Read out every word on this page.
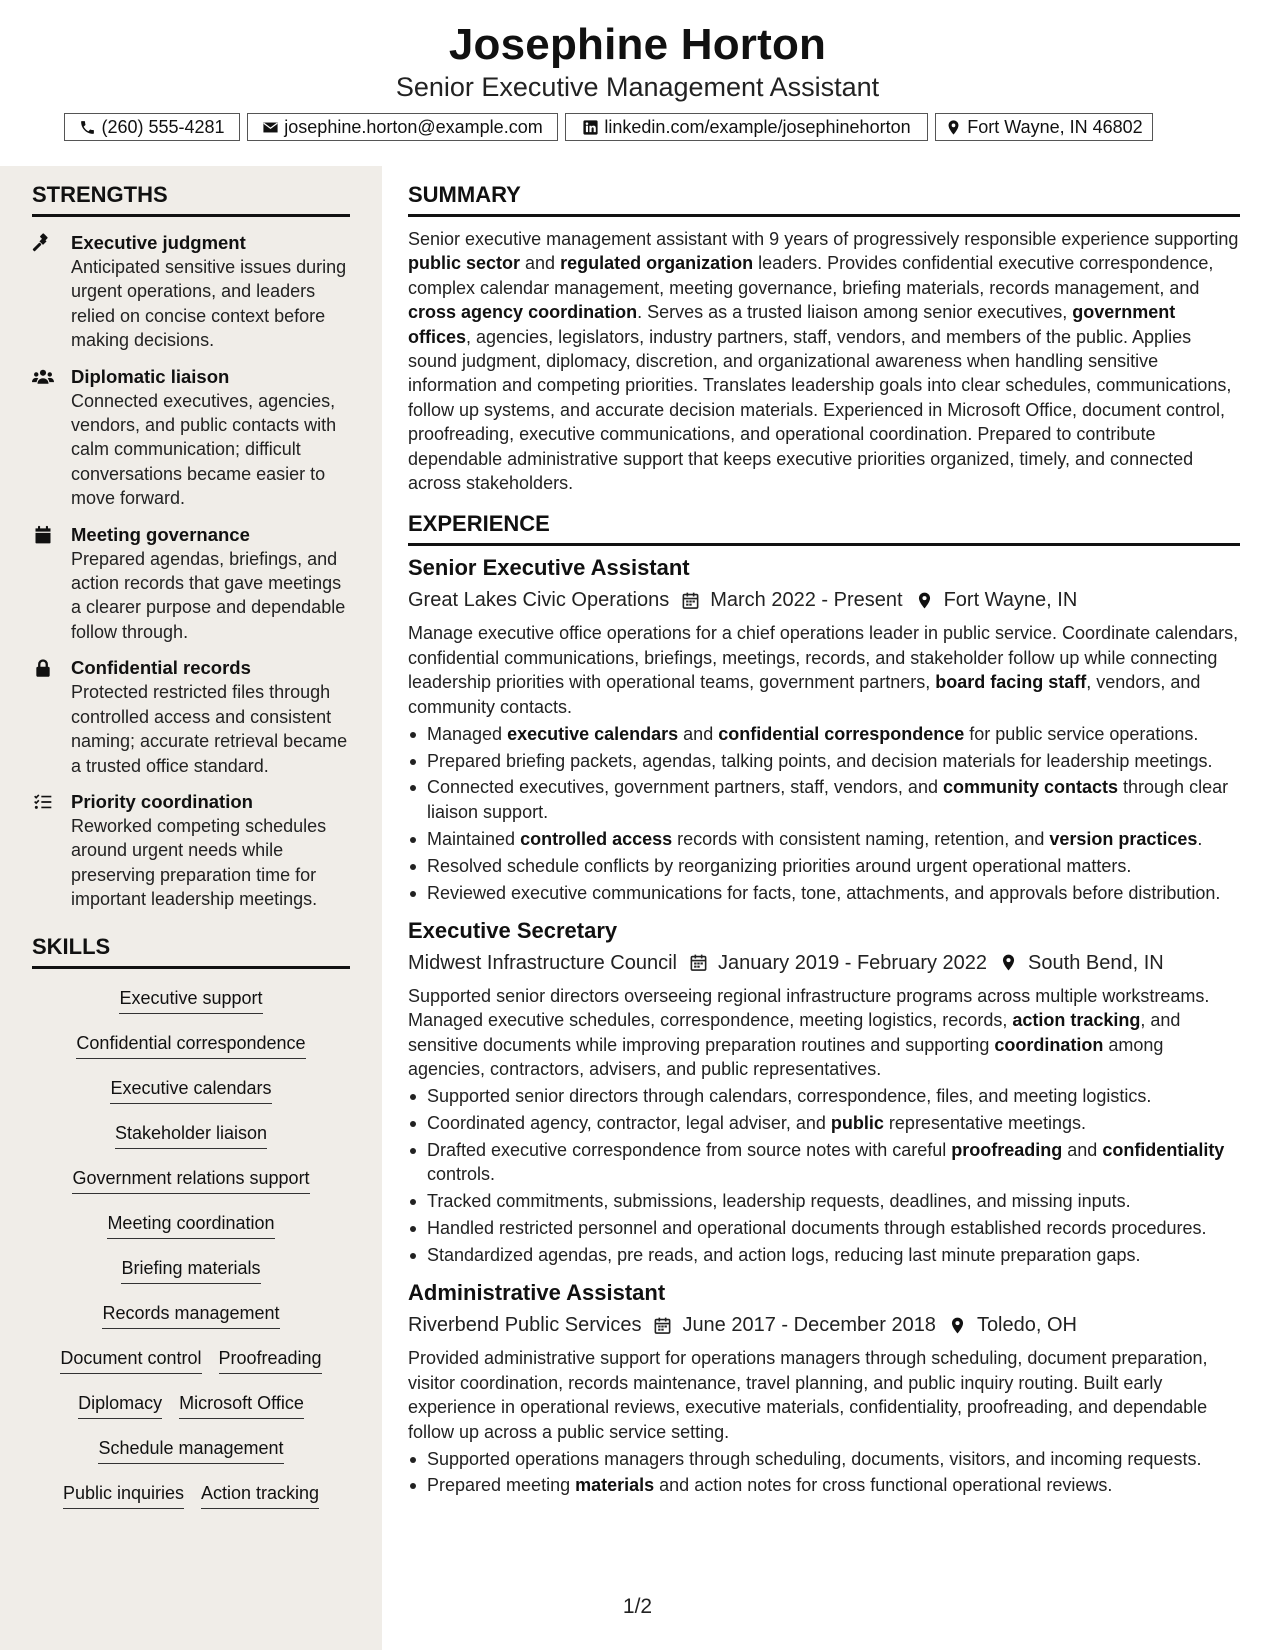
Josephine Horton
Senior Executive Management Assistant
(260) 555-4281	josephine.horton@example.com	linkedin.com/example/josephinehorton	Fort Wayne, IN 46802
STRENGTHS
Executive judgment
Anticipated sensitive issues during urgent operations, and leaders relied on concise context before making decisions.
Diplomatic liaison
Connected executives, agencies, vendors, and public contacts with calm communication; difficult conversations became easier to move forward.
Meeting governance
Prepared agendas, briefings, and action records that gave meetings a clearer purpose and dependable follow through.
Confidential records
Protected restricted files through controlled access and consistent naming; accurate retrieval became a trusted office standard.
Priority coordination
Reworked competing schedules around urgent needs while preserving preparation time for important leadership meetings.
SKILLS
Executive support
Confidential correspondence
Executive calendars
Stakeholder liaison
Government relations support
Meeting coordination
Briefing materials
Records management
Document control Proofreading
Diplomacy Microsoft Office
Schedule management
Public inquiries Action tracking
SUMMARY
Senior executive management assistant with 9 years of progressively responsible experience supporting public sector and regulated organization leaders. Provides confidential executive correspondence, complex calendar management, meeting governance, briefing materials, records management, and cross agency coordination. Serves as a trusted liaison among senior executives, government offices, agencies, legislators, industry partners, staff, vendors, and members of the public. Applies sound judgment, diplomacy, discretion, and organizational awareness when handling sensitive information and competing priorities. Translates leadership goals into clear schedules, communications, follow up systems, and accurate decision materials. Experienced in Microsoft Office, document control, proofreading, executive communications, and operational coordination. Prepared to contribute dependable administrative support that keeps executive priorities organized, timely, and connected across stakeholders.
EXPERIENCE
Senior Executive Assistant
Great Lakes Civic Operations March 2022 - Present Fort Wayne, IN
Manage executive office operations for a chief operations leader in public service. Coordinate calendars, confidential communications, briefings, meetings, records, and stakeholder follow up while connecting leadership priorities with operational teams, government partners, board facing staff, vendors, and community contacts.
Managed executive calendars and confidential correspondence for public service operations.
Prepared briefing packets, agendas, talking points, and decision materials for leadership meetings.
Connected executives, government partners, staff, vendors, and community contacts through clear liaison support.
Maintained controlled access records with consistent naming, retention, and version practices.
Resolved schedule conflicts by reorganizing priorities around urgent operational matters.
Reviewed executive communications for facts, tone, attachments, and approvals before distribution.
Executive Secretary
Midwest Infrastructure Council January 2019 - February 2022 South Bend, IN
Supported senior directors overseeing regional infrastructure programs across multiple workstreams. Managed executive schedules, correspondence, meeting logistics, records, action tracking, and sensitive documents while improving preparation routines and supporting coordination among agencies, contractors, advisers, and public representatives.
Supported senior directors through calendars, correspondence, files, and meeting logistics.
Coordinated agency, contractor, legal adviser, and public representative meetings.
Drafted executive correspondence from source notes with careful proofreading and confidentiality controls.
Tracked commitments, submissions, leadership requests, deadlines, and missing inputs.
Handled restricted personnel and operational documents through established records procedures.
Standardized agendas, pre reads, and action logs, reducing last minute preparation gaps.
Administrative Assistant
Riverbend Public Services June 2017 - December 2018 Toledo, OH
Provided administrative support for operations managers through scheduling, document preparation, visitor coordination, records maintenance, travel planning, and public inquiry routing. Built early experience in operational reviews, executive materials, confidentiality, proofreading, and dependable follow up across a public service setting.
Supported operations managers through scheduling, documents, visitors, and incoming requests.
Prepared meeting materials and action notes for cross functional operational reviews.
1/2
